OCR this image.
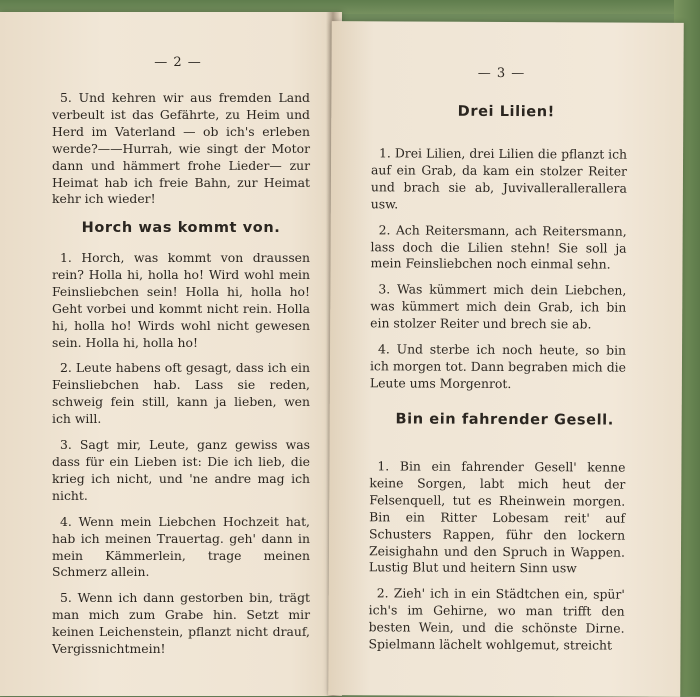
— 2 —

5. Und kehren wir aus fremden Land verbeult ist das Gefährte, zu Heim und Herd im Vaterland — ob ich's erleben werde?——Hurrah, wie singt der Motor dann und hämmert frohe Lieder— zur Heimat hab ich freie Bahn, zur Heimat kehr ich wieder!

Horch was kommt von.

1. Horch, was kommt von draussen rein? Holla hi, holla ho! Wird wohl mein Feinsliebchen sein! Holla hi, holla ho! Geht vorbei und kommt nicht rein. Holla hi, holla ho! Wirds wohl nicht gewesen sein. Holla hi, holla ho!

2. Leute habens oft gesagt, dass ich ein Feinsliebchen hab. Lass sie reden, schweig fein still, kann ja lieben, wen ich will.

3. Sagt mir, Leute, ganz gewiss was dass für ein Lieben ist: Die ich lieb, die krieg ich nicht, und 'ne andre mag ich nicht.

4. Wenn mein Liebchen Hochzeit hat, hab ich meinen Trauertag. geh' dann in mein Kämmerlein, trage meinen Schmerz allein.

5. Wenn ich dann gestorben bin, trägt man mich zum Grabe hin. Setzt mir keinen Leichenstein, pflanzt nicht drauf, Vergissnichtmein!

— 3 —
Drei Lilien!

1. Drei Lilien, drei Lilien die pflanzt ich auf ein Grab, da kam ein stolzer Reiter und brach sie ab, Juvivallerallerallera usw.

2. Ach Reitersmann, ach Reitersmann, lass doch die Lilien stehn! Sie soll ja mein Feinsliebchen noch einmal sehn.

3. Was kümmert mich dein Liebchen, was kümmert mich dein Grab, ich bin ein stolzer Reiter und brech sie ab.

4. Und sterbe ich noch heute, so bin ich morgen tot. Dann begraben mich die Leute ums Morgenrot.

Bin ein fahrender Gesell.

1. Bin ein fahrender Gesell' kenne keine Sorgen, labt mich heut der Felsenquell, tut es Rheinwein morgen. Bin ein Ritter Lobesam reit' auf Schusters Rappen, führ den lockern Zeisighahn und den Spruch in Wappen. Lustig Blut und heitern Sinn usw

2. Zieh' ich in ein Städtchen ein, spür' ich's im Gehirne, wo man trifft den besten Wein, und die schönste Dirne. Spielmann lächelt wohlgemut, streicht
